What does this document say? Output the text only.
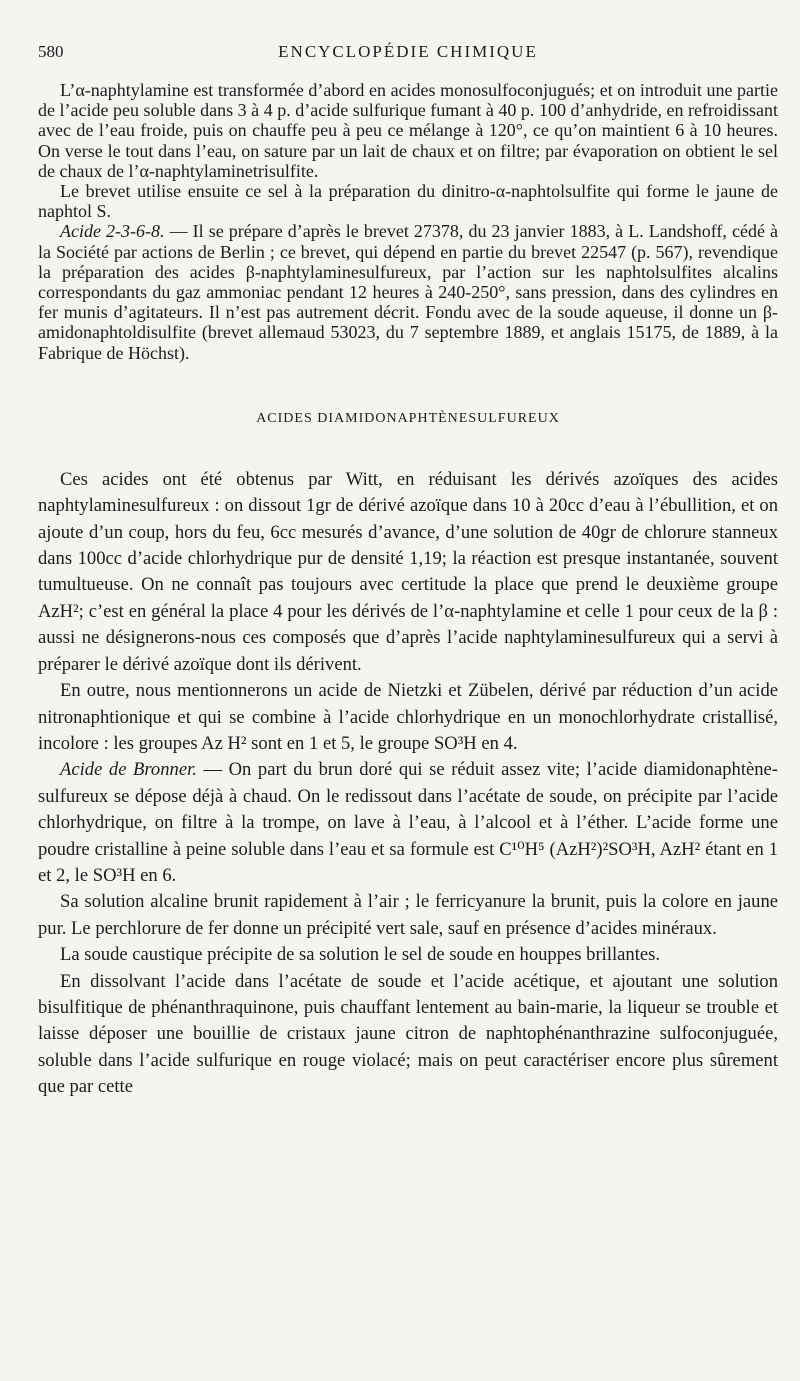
580	ENCYCLOPÉDIE CHIMIQUE

L’α-naphtylamine est transformée d’abord en acides monosulfoconjugués; et on introduit une partie de l’acide peu soluble dans 3 à 4 p. d’acide sulfurique fumant à 40 p. 100 d’anhydride, en refroidissant avec de l’eau froide, puis on chauffe peu à peu ce mélange à 120°, ce qu’on maintient 6 à 10 heures. On verse le tout dans l’eau, on sature par un lait de chaux et on filtre; par évaporation on obtient le sel de chaux de l’α-naphtylaminetrisulfite.

Le brevet utilise ensuite ce sel à la préparation du dinitro-α-naphtolsulfite qui forme le jaune de naphtol S.

Acide 2-3-6-8. — Il se prépare d’après le brevet 27378, du 23 janvier 1883, à L. Landshoff, cédé à la Société par actions de Berlin ; ce brevet, qui dépend en partie du brevet 22547 (p. 567), revendique la préparation des acides β-naphtylaminesulfureux, par l’action sur les naphtolsulfites alcalins correspondants du gaz ammoniac pendant 12 heures à 240-250°, sans pression, dans des cylindres en fer munis d’agitateurs. Il n’est pas autrement décrit. Fondu avec de la soude aqueuse, il donne un β-amidonaphtoldisulfite (brevet allemaud 53023, du 7 septembre 1889, et anglais 15175, de 1889, à la Fabrique de Höchst).

ACIDES DIAMIDONAPHTÈNESULFUREUX

Ces acides ont été obtenus par Witt, en réduisant les dérivés azoïques des acides naphtylaminesulfureux : on dissout 1gr de dérivé azoïque dans 10 à 20cc d’eau à l’ébullition, et on ajoute d’un coup, hors du feu, 6cc mesurés d’avance, d’une solution de 40gr de chlorure stanneux dans 100cc d’acide chlorhydrique pur de densité 1,19; la réaction est presque instantanée, souvent tumultueuse. On ne connaît pas toujours avec certitude la place que prend le deuxième groupe AzH²; c’est en général la place 4 pour les dérivés de l’α-naphtylamine et celle 1 pour ceux de la β : aussi ne désignerons-nous ces composés que d’après l’acide naphtylaminesulfureux qui a servi à préparer le dérivé azoïque dont ils dérivent.

En outre, nous mentionnerons un acide de Nietzki et Zübelen, dérivé par réduction d’un acide nitronaphtionique et qui se combine à l’acide chlorhydrique en un monochlorhydrate cristallisé, incolore : les groupes Az H² sont en 1 et 5, le groupe SO³H en 4.

Acide de Bronner. — On part du brun doré qui se réduit assez vite; l’acide diamidonaphtène-sulfureux se dépose déjà à chaud. On le redissout dans l’acétate de soude, on précipite par l’acide chlorhydrique, on filtre à la trompe, on lave à l’eau, à l’alcool et à l’éther. L’acide forme une poudre cristalline à peine soluble dans l’eau et sa formule est C¹⁰H⁵ (AzH²)²SO³H, AzH² étant en 1 et 2, le SO³H en 6.

Sa solution alcaline brunit rapidement à l’air ; le ferricyanure la brunit, puis la colore en jaune pur. Le perchlorure de fer donne un précipité vert sale, sauf en présence d’acides minéraux.

La soude caustique précipite de sa solution le sel de soude en houppes brillantes.

En dissolvant l’acide dans l’acétate de soude et l’acide acétique, et ajoutant une solution bisulfitique de phénanthraquinone, puis chauffant lentement au bain-marie, la liqueur se trouble et laisse déposer une bouillie de cristaux jaune citron de naphtophénanthrazine sulfoconjuguée, soluble dans l’acide sulfurique en rouge violacé; mais on peut caractériser encore plus sûrement que par cette
